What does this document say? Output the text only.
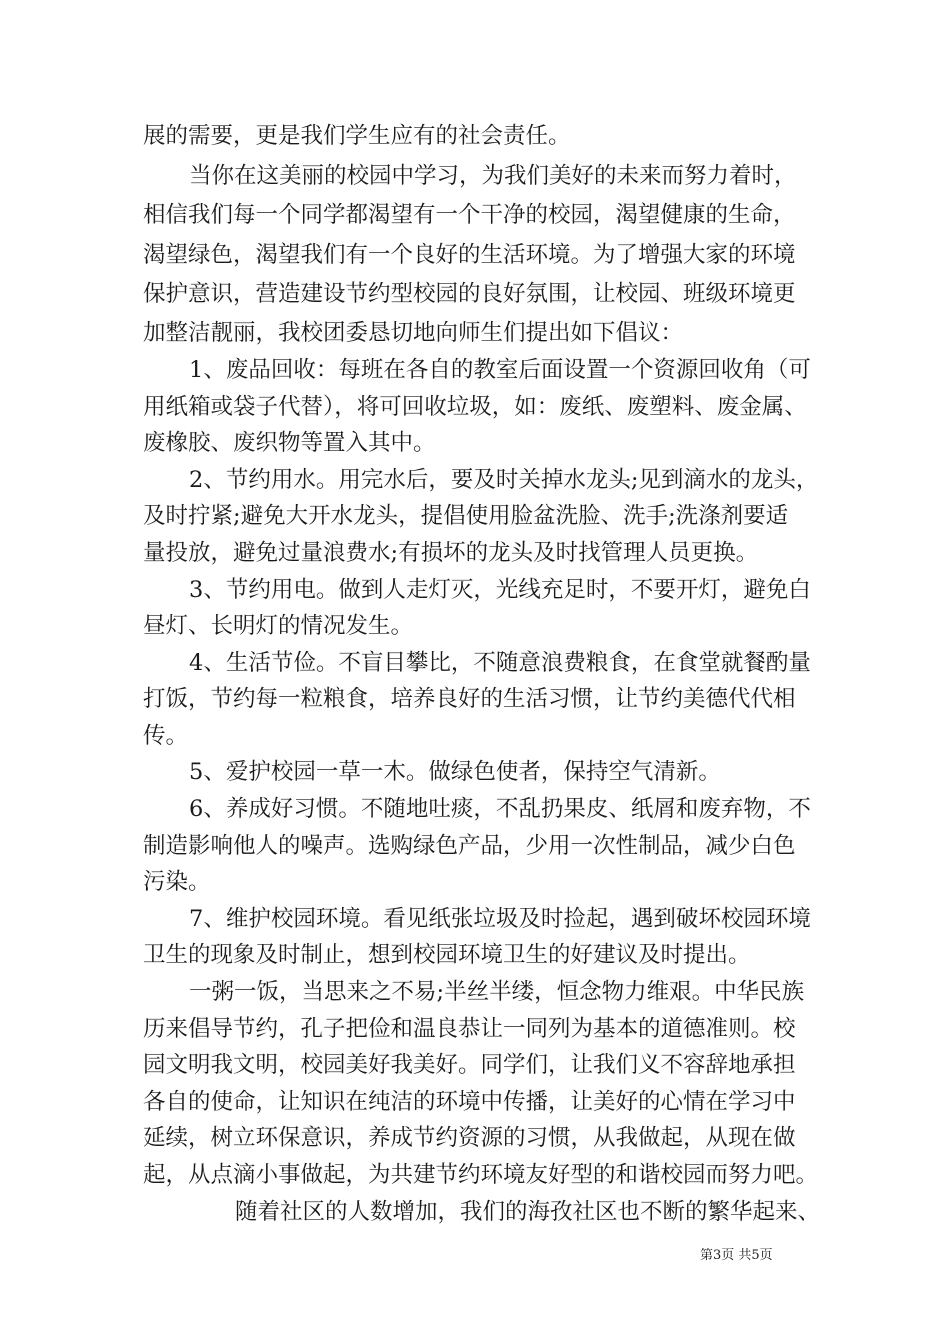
展的需要，更是我们学生应有的社会责任。
当你在这美丽的校园中学习，为我们美好的未来而努力着时，
相信我们每一个同学都渴望有一个干净的校园，渴望健康的生命，
渴望绿色，渴望我们有一个良好的生活环境。为了增强大家的环境
保护意识，营造建设节约型校园的良好氛围，让校园、班级环境更
加整洁靓丽，我校团委恳切地向师生们提出如下倡议：
1、废品回收：每班在各自的教室后面设置一个资源回收角（可
用纸箱或袋子代替），将可回收垃圾，如：废纸、废塑料、废金属、
废橡胶、废织物等置入其中。
2、节约用水。用完水后，要及时关掉水龙头;见到滴水的龙头，
及时拧紧;避免大开水龙头，提倡使用脸盆洗脸、洗手;洗涤剂要适
量投放，避免过量浪费水;有损坏的龙头及时找管理人员更换。
3、节约用电。做到人走灯灭，光线充足时，不要开灯，避免白
昼灯、长明灯的情况发生。
4、生活节俭。不盲目攀比，不随意浪费粮食，在食堂就餐酌量
打饭，节约每一粒粮食，培养良好的生活习惯，让节约美德代代相
传。
5、爱护校园一草一木。做绿色使者，保持空气清新。
6、养成好习惯。不随地吐痰，不乱扔果皮、纸屑和废弃物，不
制造影响他人的噪声。选购绿色产品，少用一次性制品，减少白色
污染。
7、维护校园环境。看见纸张垃圾及时捡起，遇到破坏校园环境
卫生的现象及时制止，想到校园环境卫生的好建议及时提出。
一粥一饭，当思来之不易;半丝半缕，恒念物力维艰。中华民族
历来倡导节约，孔子把俭和温良恭让一同列为基本的道德准则。校
园文明我文明，校园美好我美好。同学们，让我们义不容辞地承担
各自的使命，让知识在纯洁的环境中传播，让美好的心情在学习中
延续，树立环保意识，养成节约资源的习惯，从我做起，从现在做
起，从点滴小事做起，为共建节约环境友好型的和谐校园而努力吧。
随着社区的人数增加，我们的海孜社区也不断的繁华起来、
第3页 共5页
